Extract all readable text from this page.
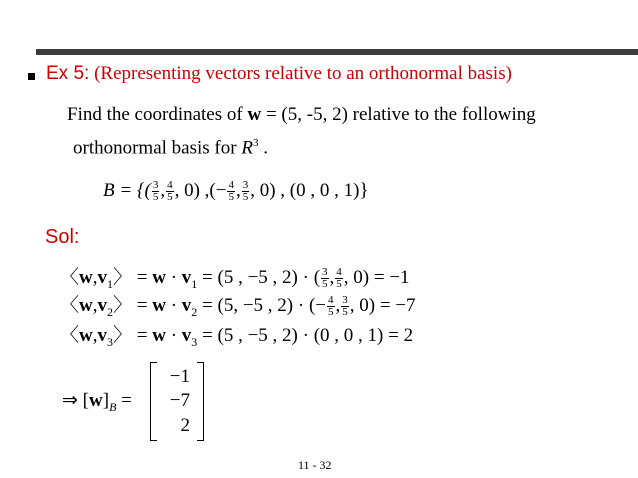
Ex 5: (Representing vectors relative to an orthonormal basis)
Find the coordinates of w = (5, -5, 2) relative to the following
orthonormal basis for $R^3$ .
B = {( $\frac{3}{5}$ , $\frac{4}{5}$ , 0) ,(− $\frac{4}{5}$ , $\frac{3}{5}$ , 0) , (0 , 0 , 1)}
Sol:
〈$w,v_1$〉 = $w \cdot v_1 = (5$ , −5 , 2) · ( $\frac{3}{5}$ , $\frac{4}{5}$ , 0) = −1
〈$w,v_2$〉 = $w \cdot v_2 = (5$, −5 , 2) · (− $\frac{4}{5}$ , $\frac{3}{5}$ , 0) = −7
〈$w,v_3$〉 = $w \cdot v_3 = (5$ , −5 , 2) · (0 , 0 , 1) = 2
⇒ $[w]_B$ =
−1
−7
2
11 - 32
